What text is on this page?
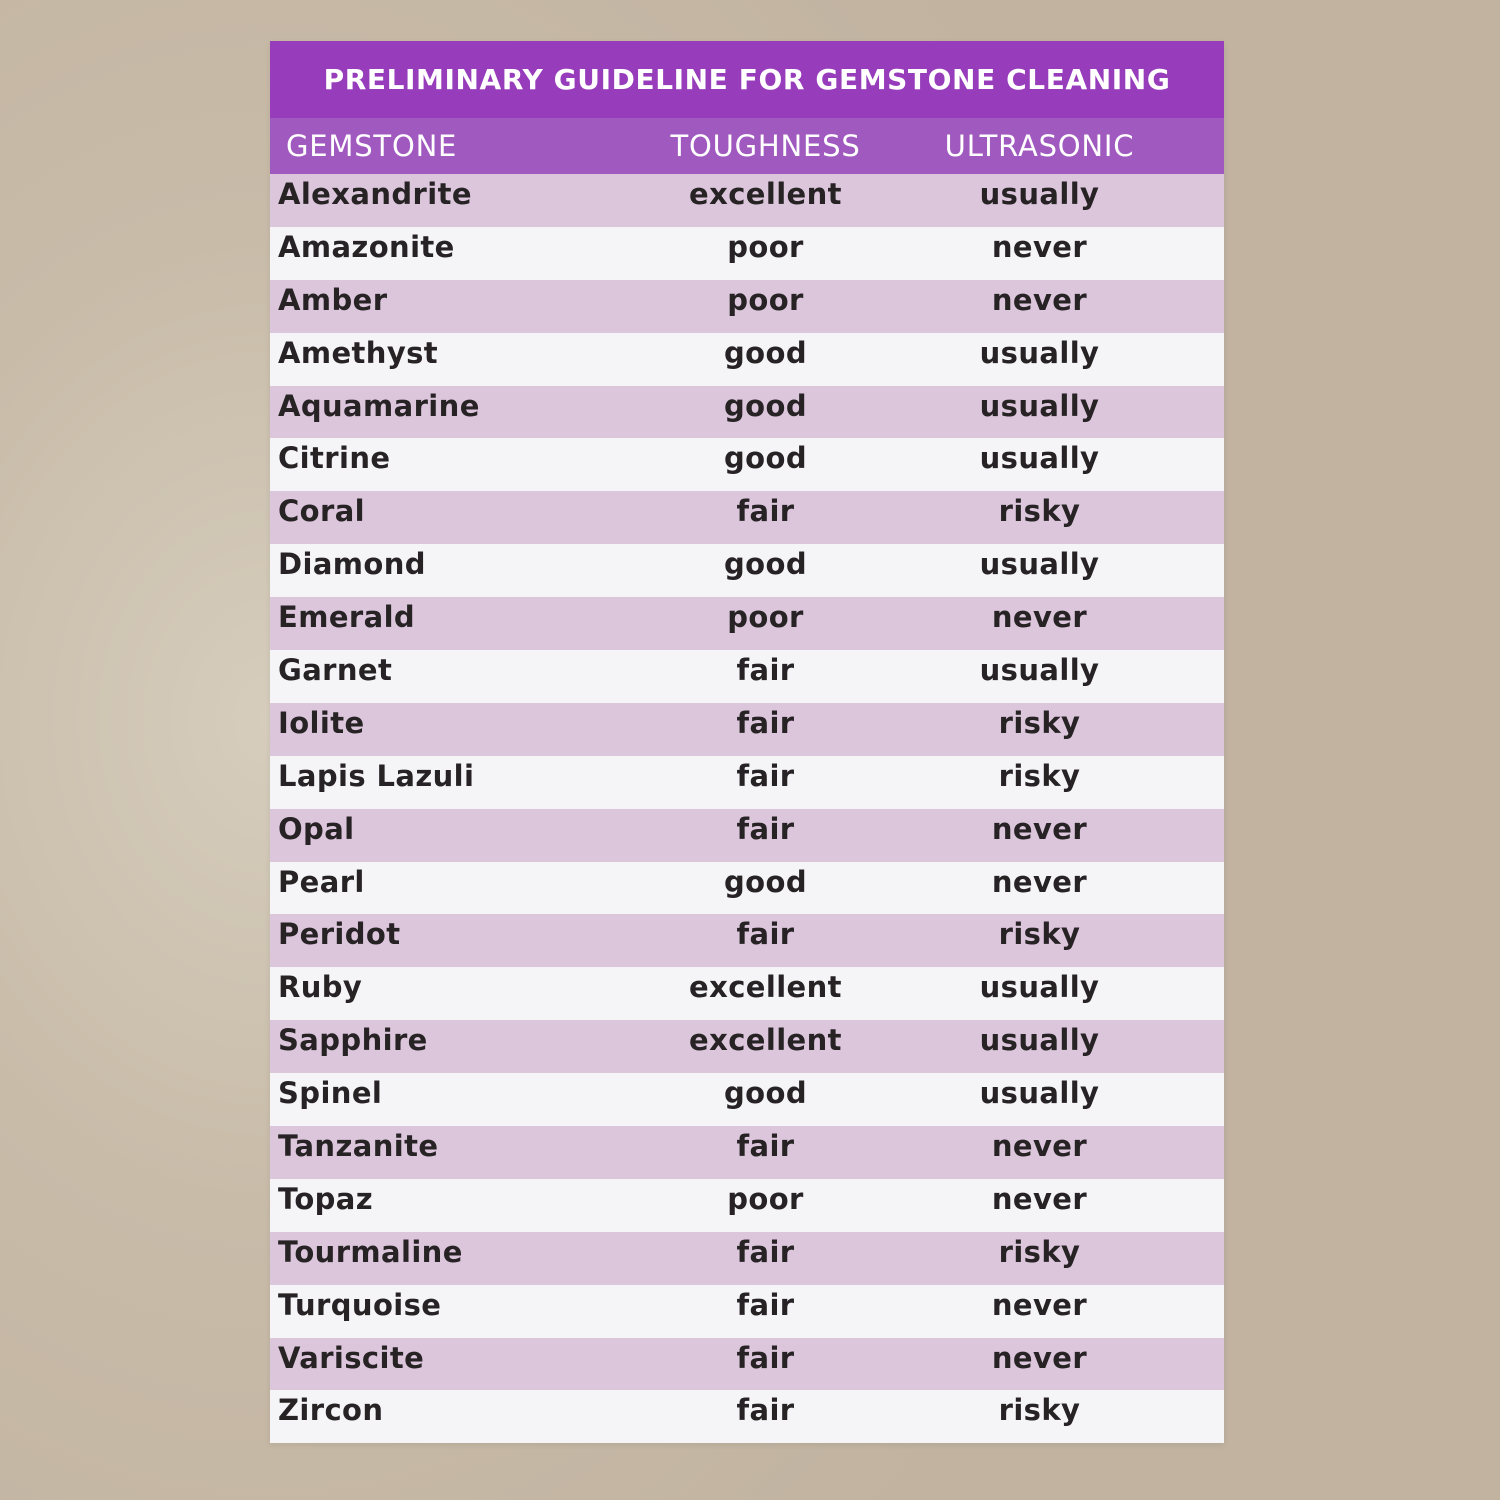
PRELIMINARY GUIDELINE FOR GEMSTONE CLEANING
GEMSTONE	TOUGHNESS	ULTRASONIC
Alexandrite	excellent	usually
Amazonite	poor	never
Amber	poor	never
Amethyst	good	usually
Aquamarine	good	usually
Citrine	good	usually
Coral	fair	risky
Diamond	good	usually
Emerald	poor	never
Garnet	fair	usually
Iolite	fair	risky
Lapis Lazuli	fair	risky
Opal	fair	never
Pearl	good	never
Peridot	fair	risky
Ruby	excellent	usually
Sapphire	excellent	usually
Spinel	good	usually
Tanzanite	fair	never
Topaz	poor	never
Tourmaline	fair	risky
Turquoise	fair	never
Variscite	fair	never
Zircon	fair	risky
